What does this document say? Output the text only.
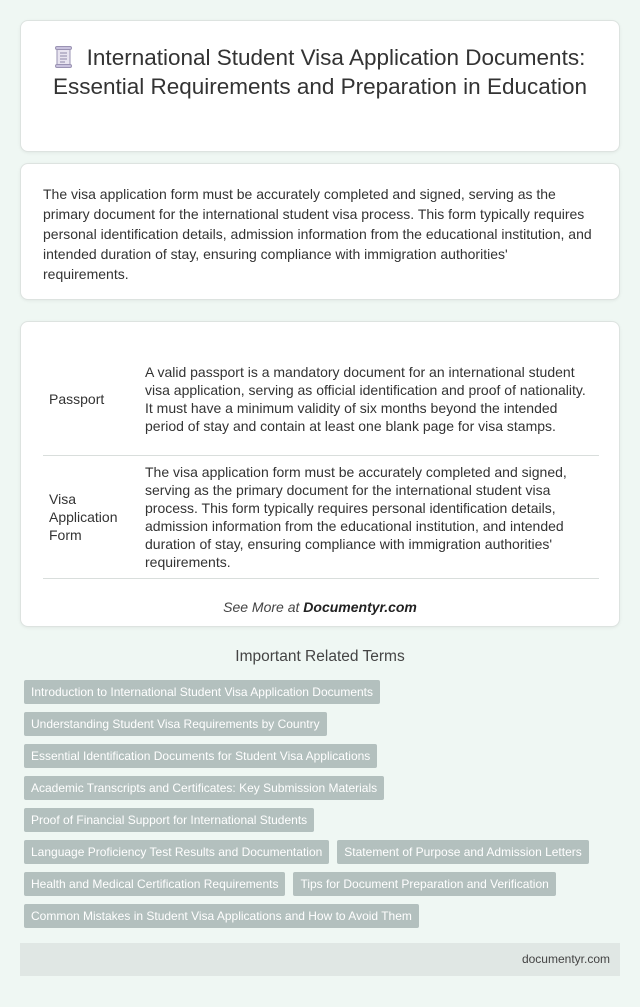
International Student Visa Application Documents: Essential Requirements and Preparation in Education

The visa application form must be accurately completed and signed, serving as the primary document for the international student visa process. This form typically requires personal identification details, admission information from the educational institution, and intended duration of stay, ensuring compliance with immigration authorities' requirements.

Passport	A valid passport is a mandatory document for an international student visa application, serving as official identification and proof of nationality. It must have a minimum validity of six months beyond the intended period of stay and contain at least one blank page for visa stamps.
Visa Application Form	The visa application form must be accurately completed and signed, serving as the primary document for the international student visa process. This form typically requires personal identification details, admission information from the educational institution, and intended duration of stay, ensuring compliance with immigration authorities' requirements.
See More at Documentyr.com
Important Related Terms
Introduction to International Student Visa Application Documents
Understanding Student Visa Requirements by Country
Essential Identification Documents for Student Visa Applications
Academic Transcripts and Certificates: Key Submission Materials
Proof of Financial Support for International Students
Language Proficiency Test Results and Documentation Statement of Purpose and Admission Letters
Health and Medical Certification Requirements Tips for Document Preparation and Verification
Common Mistakes in Student Visa Applications and How to Avoid Them
documentyr.com
